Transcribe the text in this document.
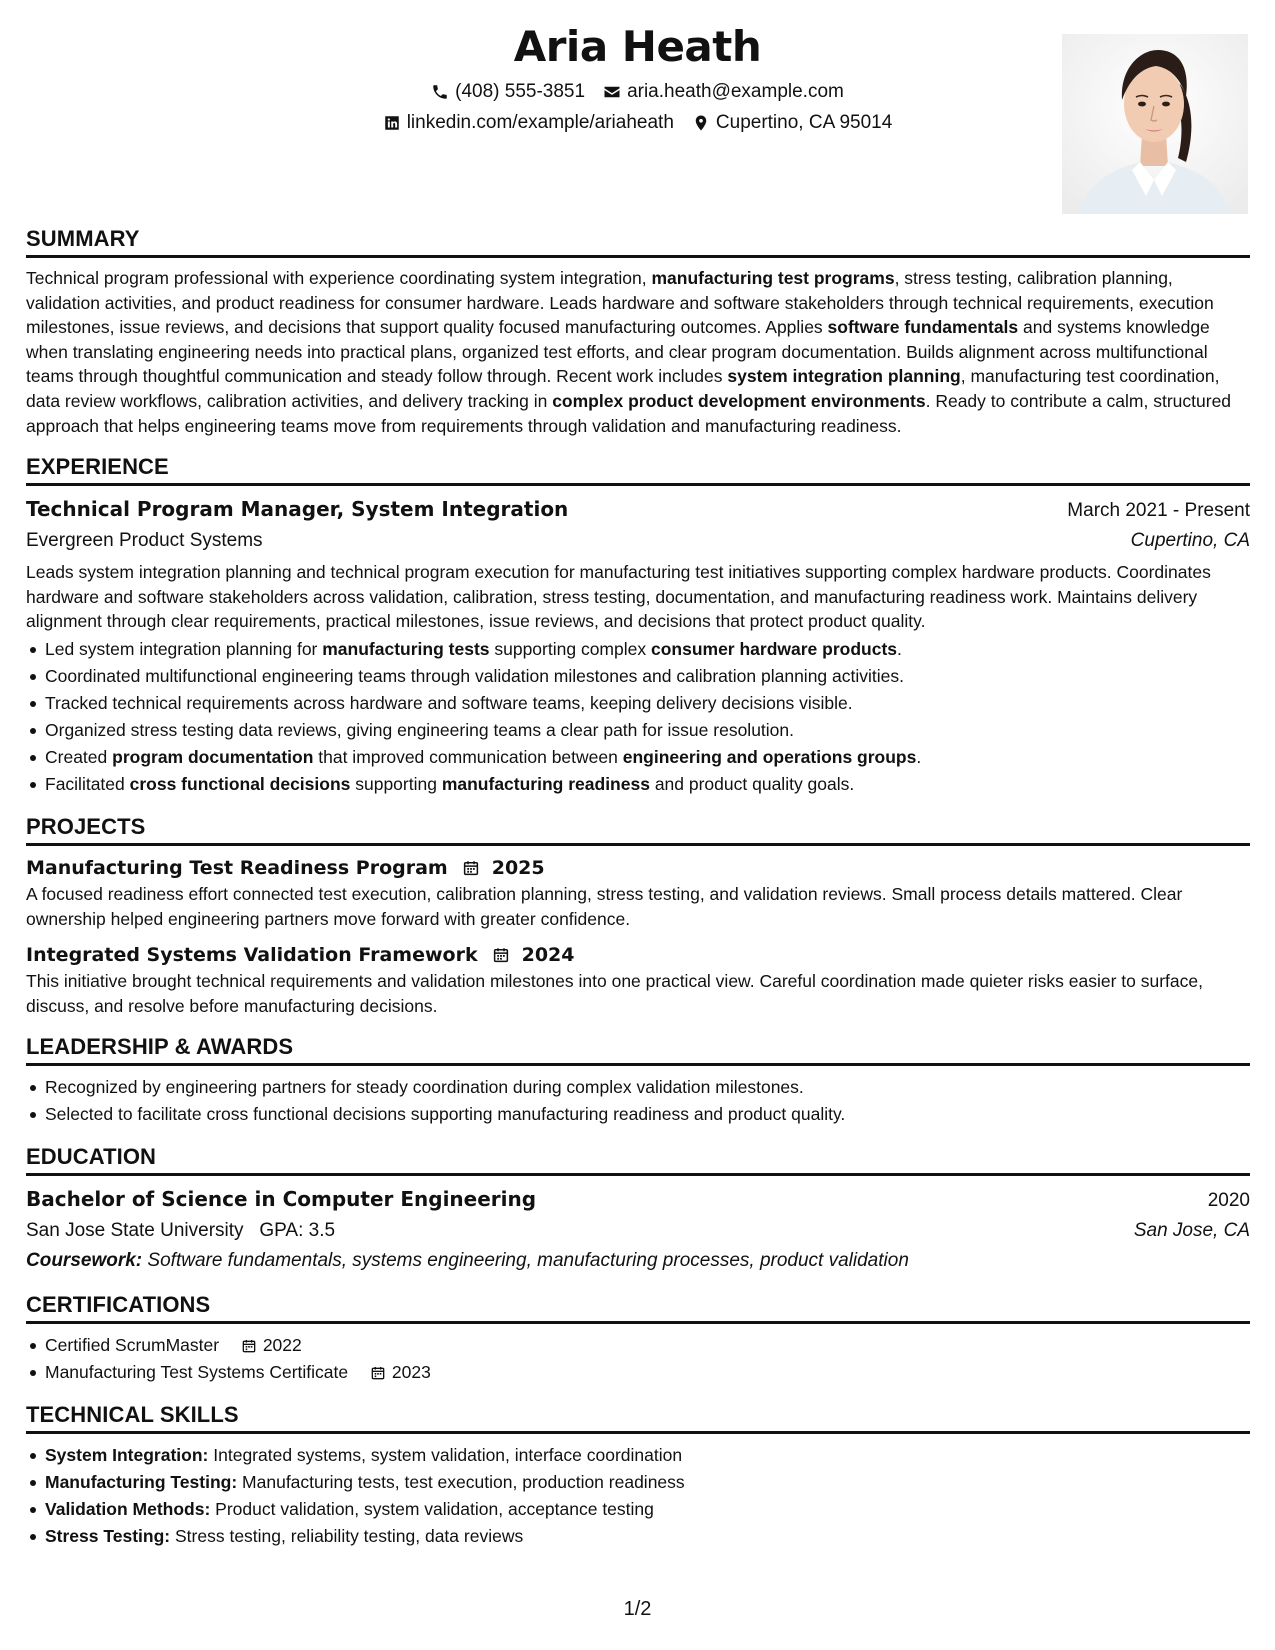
Aria Heath
(408) 555-3851 aria.heath@example.com
linkedin.com/example/ariaheath Cupertino, CA 95014
SUMMARY

Technical program professional with experience coordinating system integration, manufacturing test programs, stress testing, calibration planning, validation activities, and product readiness for consumer hardware. Leads hardware and software stakeholders through technical requirements, execution milestones, issue reviews, and decisions that support quality focused manufacturing outcomes. Applies software fundamentals and systems knowledge when translating engineering needs into practical plans, organized test efforts, and clear program documentation. Builds alignment across multifunctional teams through thoughtful communication and steady follow through. Recent work includes system integration planning, manufacturing test coordination, data review workflows, calibration activities, and delivery tracking in complex product development environments. Ready to contribute a calm, structured approach that helps engineering teams move from requirements through validation and manufacturing readiness.

EXPERIENCE
Technical Program Manager, System Integration	March 2021 - Present
Evergreen Product Systems	Cupertino, CA

Leads system integration planning and technical program execution for manufacturing test initiatives supporting complex hardware products. Coordinates hardware and software stakeholders across validation, calibration, stress testing, documentation, and manufacturing readiness work. Maintains delivery alignment through clear requirements, practical milestones, issue reviews, and decisions that protect product quality.

Led system integration planning for manufacturing tests supporting complex consumer hardware products.
Coordinated multifunctional engineering teams through validation milestones and calibration planning activities.
Tracked technical requirements across hardware and software teams, keeping delivery decisions visible.
Organized stress testing data reviews, giving engineering teams a clear path for issue resolution.
Created program documentation that improved communication between engineering and operations groups.
Facilitated cross functional decisions supporting manufacturing readiness and product quality goals.
PROJECTS
Manufacturing Test Readiness Program 2025

A focused readiness effort connected test execution, calibration planning, stress testing, and validation reviews. Small process details mattered. Clear ownership helped engineering partners move forward with greater confidence.

Integrated Systems Validation Framework 2024

This initiative brought technical requirements and validation milestones into one practical view. Careful coordination made quieter risks easier to surface, discuss, and resolve before manufacturing decisions.

LEADERSHIP & AWARDS
Recognized by engineering partners for steady coordination during complex validation milestones.
Selected to facilitate cross functional decisions supporting manufacturing readiness and product quality.
EDUCATION
Bachelor of Science in Computer Engineering	2020
San Jose State University GPA: 3.5	San Jose, CA
Coursework: Software fundamentals, systems engineering, manufacturing processes, product validation
CERTIFICATIONS
Certified ScrumMaster
2022
Manufacturing Test Systems Certificate
2023
TECHNICAL SKILLS
System Integration: Integrated systems, system validation, interface coordination
Manufacturing Testing: Manufacturing tests, test execution, production readiness
Validation Methods: Product validation, system validation, acceptance testing
Stress Testing: Stress testing, reliability testing, data reviews
1/2
